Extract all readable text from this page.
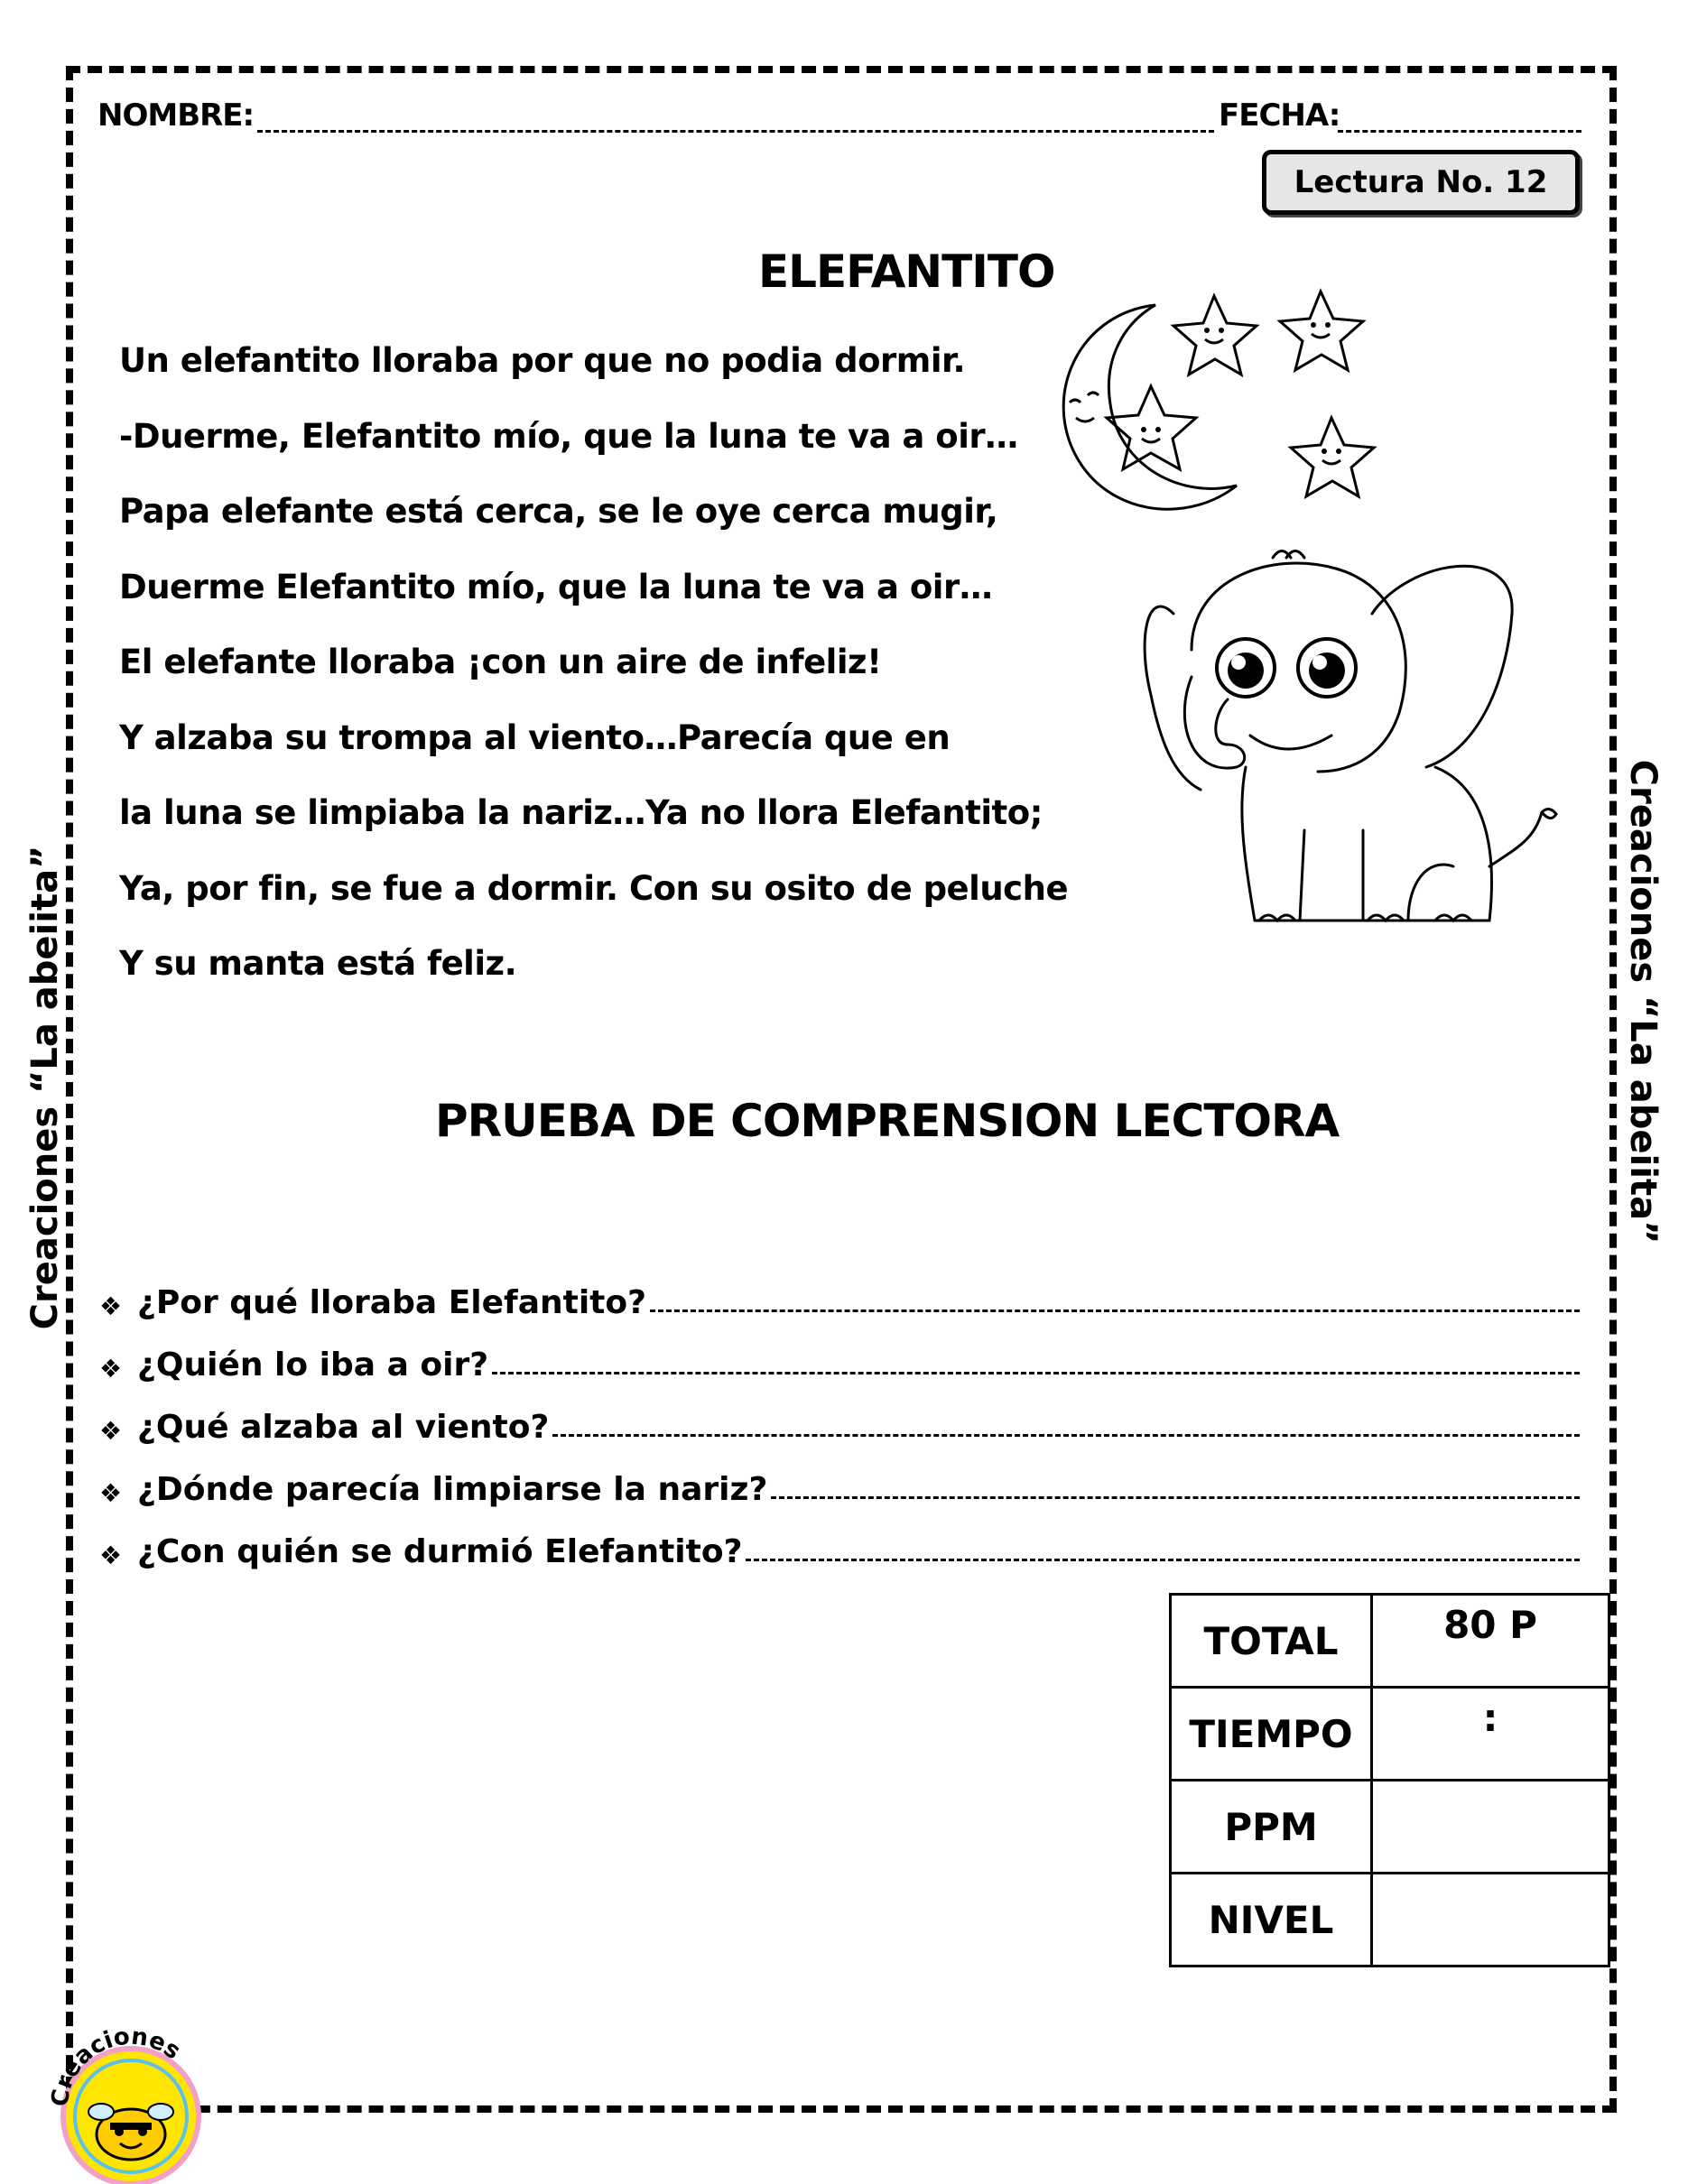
Creaciones “La abeiita”	Creaciones “La abeiita”
NOMBRE:	FECHA:
Lectura No. 12
ELEFANTITO
Un elefantito lloraba por que no podia dormir.
-Duerme, Elefantito mío, que la luna te va a oir…
Papa elefante está cerca, se le oye cerca mugir,
Duerme Elefantito mío, que la luna te va a oir…
El elefante lloraba ¡con un aire de infeliz!
Y alzaba su trompa al viento…Parecía que en
la luna se limpiaba la nariz…Ya no llora Elefantito;
Ya, por fin, se fue a dormir. Con su osito de peluche
Y su manta está feliz.
PRUEBA DE COMPRENSION LECTORA
❖ ¿Por qué lloraba Elefantito?
❖ ¿Quién lo iba a oir?
❖ ¿Qué alzaba al viento?
❖ ¿Dónde parecía limpiarse la nariz?
❖ ¿Con quién se durmió Elefantito?
TOTAL	80 P
TIEMPO	:
PPM	
NIVEL	
Creaciones
